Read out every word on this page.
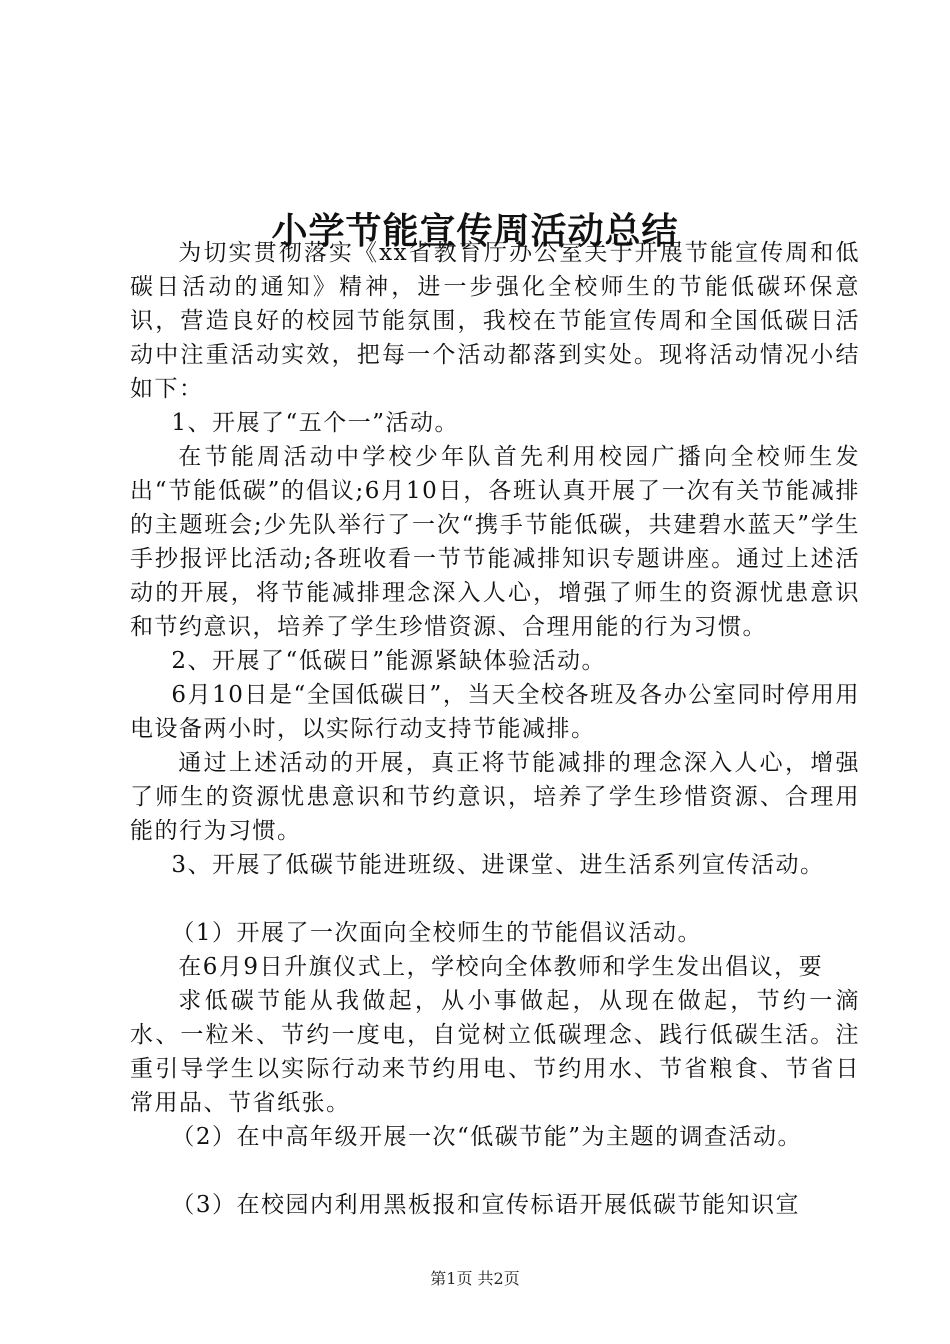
小学节能宣传周活动总结

为切实贯彻落实《xx省教育厅办公室关于开展节能宣传周和低碳日活动的通知》精神，进一步强化全校师生的节能低碳环保意识，营造良好的校园节能氛围，我校在节能宣传周和全国低碳日活动中注重活动实效，把每一个活动都落到实处。现将活动情况小结如下：

1、开展了“五个一”活动。

在节能周活动中学校少年队首先利用校园广播向全校师生发出“节能低碳”的倡议;6月10日，各班认真开展了一次有关节能减排的主题班会;少先队举行了一次“携手节能低碳，共建碧水蓝天”学生手抄报评比活动;各班收看一节节能减排知识专题讲座。通过上述活动的开展，将节能减排理念深入人心，增强了师生的资源忧患意识和节约意识，培养了学生珍惜资源、合理用能的行为习惯。

2、开展了“低碳日”能源紧缺体验活动。

6月10日是“全国低碳日”，当天全校各班及各办公室同时停用用电设备两小时，以实际行动支持节能减排。

通过上述活动的开展，真正将节能减排的理念深入人心，增强了师生的资源忧患意识和节约意识，培养了学生珍惜资源、合理用能的行为习惯。

3、开展了低碳节能进班级、进课堂、进生活系列宣传活动。

（1）开展了一次面向全校师生的节能倡议活动。

在6月9日升旗仪式上，学校向全体教师和学生发出倡议，要

求低碳节能从我做起，从小事做起，从现在做起，节约一滴水、一粒米、节约一度电，自觉树立低碳理念、践行低碳生活。注重引导学生以实际行动来节约用电、节约用水、节省粮食、节省日常用品、节省纸张。

（2）在中高年级开展一次“低碳节能”为主题的调查活动。

（3）在校园内利用黑板报和宣传标语开展低碳节能知识宣

第1页 共2页
